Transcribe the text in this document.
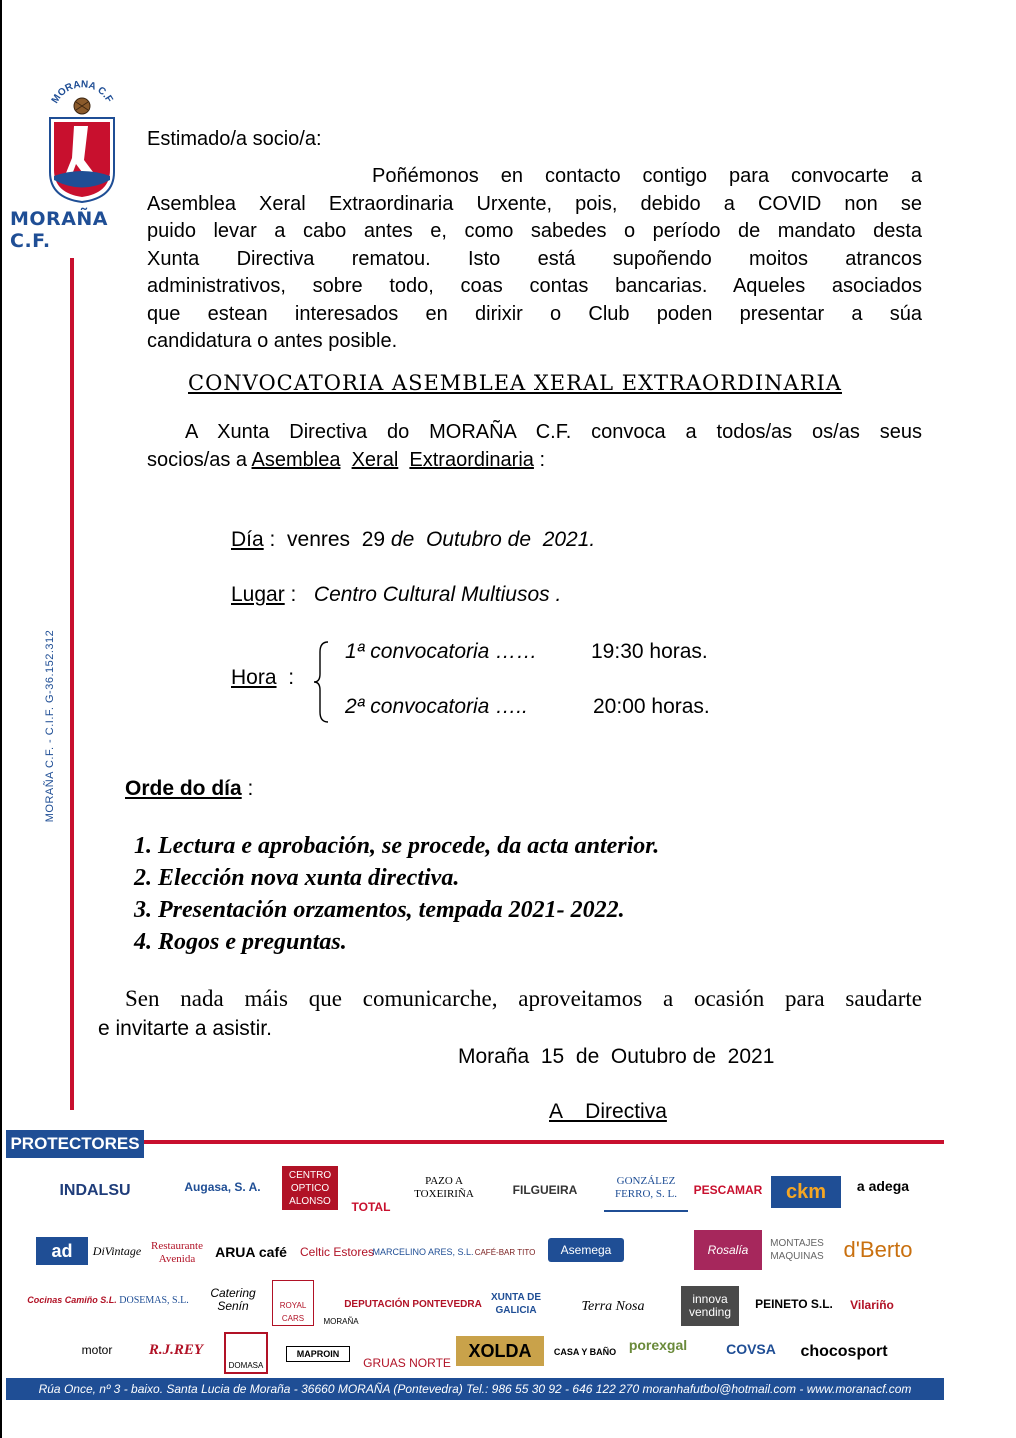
MORAÑA C.F
MORAÑA C.F.
MORAÑA C.F. - C.I.F. G-36.152.312
Estimado/a socio/a:
Poñémonos en contacto contigo para convocarte a
Asemblea Xeral Extraordinaria Urxente, pois, debido a COVID non se
puido levar a cabo antes e, como sabedes o período de mandato desta
Xunta Directiva rematou. Isto está supoñendo moitos atrancos
administrativos, sobre todo, coas contas bancarias. Aqueles asociados
que estean interesados en dirixir o Club poden presentar a súa
candidatura o antes posible.
CONVOCATORIA ASEMBLEA XERAL EXTRAORDINARIA
A Xunta Directiva do MORAÑA C.F. convoca a todos/as os/as seus
socios/as a Asemblea Xeral Extraordinaria :
Día :  venres  29 de  Outubro de  2021.
Lugar : Centro Cultural Multiusos .
Hora :
1ª convocatoria ……	19:30 horas.
2ª convocatoria …..	20:00 horas.
Orde do día :
1. Lectura e aprobación, se procede, da acta anterior.
2. Elección nova xunta directiva.
3. Presentación orzamentos, tempada 2021- 2022.
4. Rogos e preguntas.
Sen nada máis que comunicarche, aproveitamos a ocasión para saudarte
e invitarte a asistir.
Moraña  15  de  Outubro de  2021
A    Directiva
PROTECTORES
INDALSU	Augasa, S. A.
CENTRO OPTICO ALONSO	TOTAL
PAZO A TOXEIRIÑA	FILGUEIRA
GONZÁLEZ FERRO, S. L.	PESCAMAR	ckm	a adega
ad	DiVintage Restaurante Avenida	ARUA café Celtic Estores
MARCELINO ARES, S.L. CAFÉ-BAR TITO	Asemega	Rosalía	MONTAJES MAQUINAS d'Berto
Cocinas Camiño S.L. DOSEMAS, S.L.	Catering Senín	ROYAL CARS	MORAÑA
DEPUTACIÓN PONTEVEDRA
XUNTA DE GALICIA	Terra Nosa	innova vending
PEINETO S.L.	Vilariño
motor	R.J.REY
DOMASA
MAPROIN
GRUAS NORTE
XOLDA	CASA Y BAÑO porexgal	COVSA	chocosport
Rúa Once, nº 3 - baixo. Santa Lucia de Moraña - 36660 MORAÑA (Pontevedra) Tel.: 986 55 30 92 - 646 122 270 moranhafutbol@hotmail.com - www.moranacf.com
